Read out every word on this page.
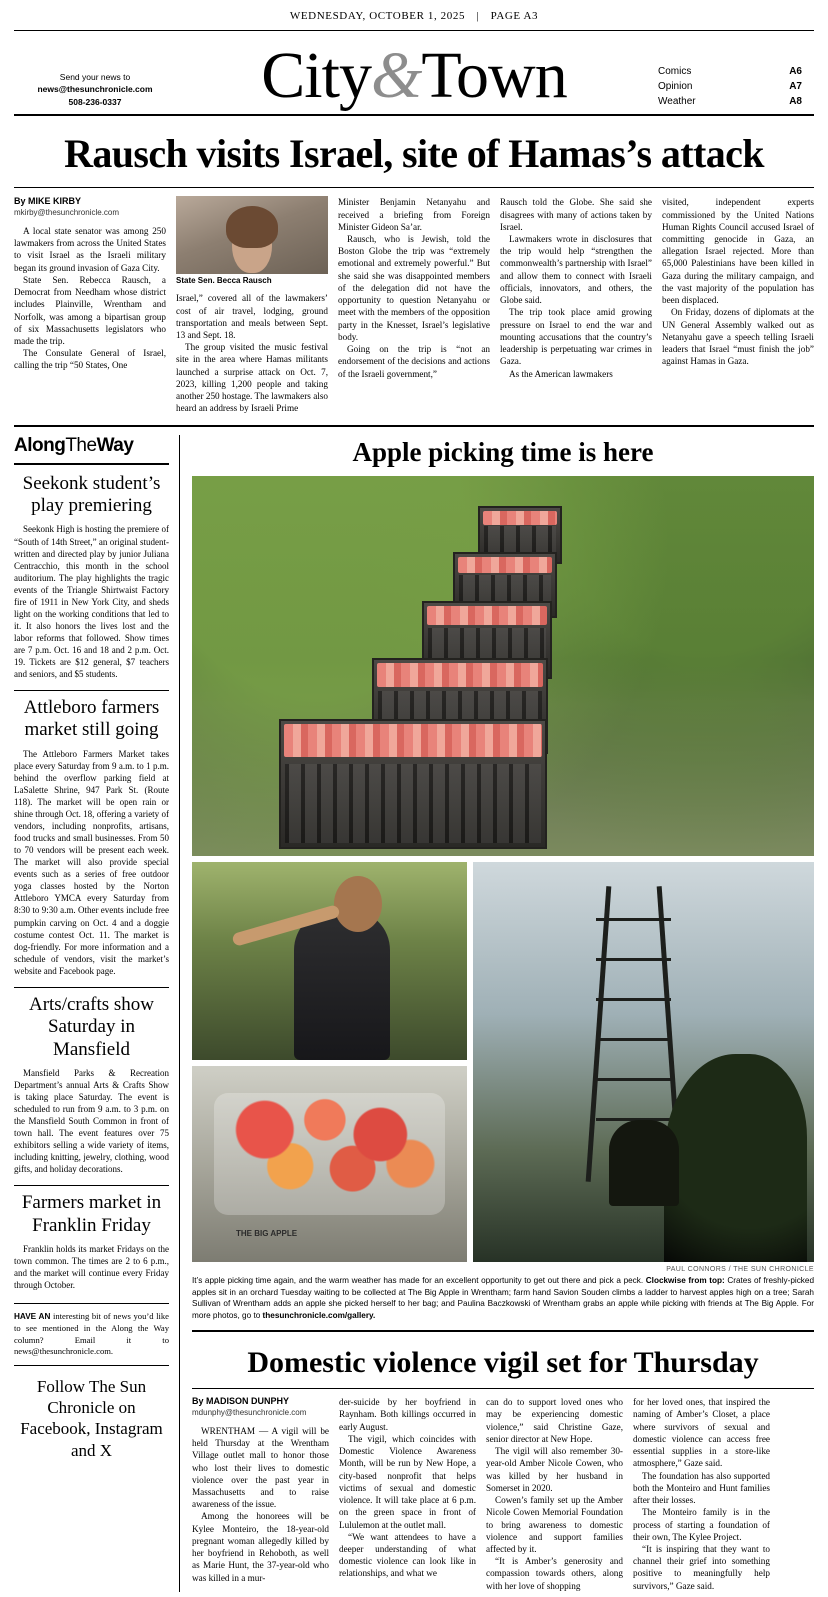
WEDNESDAY, OCTOBER 1, 2025 | PAGE A3
Send your news to
news@thesunchronicle.com
508-236-0337	City&Town	Comics	A6
Opinion	A7
Weather	A8
Rausch visits Israel, site of Hamas’s attack
By MIKE KIRBY
mkirby@thesunchronicle.com

A local state senator was among 250 lawmakers from across the United States to visit Israel as the Israeli military began its ground invasion of Gaza City.

State Sen. Rebecca Rausch, a Democrat from Needham whose district includes Plainville, Wrentham and Norfolk, was among a bipartisan group of six Massachusetts legislators who made the trip.

The Consulate General of Israel, calling the trip “50 States, One

State Sen. Becca Rausch

Israel,” covered all of the lawmakers’ cost of air travel, lodging, ground transportation and meals between Sept. 13 and Sept. 18.

The group visited the music festival site in the area where Hamas militants launched a surprise attack on Oct. 7, 2023, killing 1,200 people and taking another 250 hostage. The lawmakers also heard an address by Israeli Prime

Minister Benjamin Netanyahu and received a briefing from Foreign Minister Gideon Sa’ar.

Rausch, who is Jewish, told the Boston Globe the trip was “extremely emotional and extremely powerful.” But she said she was disappointed members of the delegation did not have the opportunity to question Netanyahu or meet with the members of the opposition party in the Knesset, Israel’s legislative body.

Going on the trip is “not an endorsement of the decisions and actions of the Israeli government,”

Rausch told the Globe. She said she disagrees with many of actions taken by Israel.

Lawmakers wrote in disclosures that the trip would help “strengthen the commonwealth’s partnership with Israel” and allow them to connect with Israeli officials, innovators, and others, the Globe said.

The trip took place amid growing pressure on Israel to end the war and mounting accusations that the country’s leadership is perpetuating war crimes in Gaza.

As the American lawmakers

visited, independent experts commissioned by the United Nations Human Rights Council accused Israel of committing genocide in Gaza, an allegation Israel rejected. More than 65,000 Palestinians have been killed in Gaza during the military campaign, and the vast majority of the population has been displaced.

On Friday, dozens of diplomats at the UN General Assembly walked out as Netanyahu gave a speech telling Israeli leaders that Israel “must finish the job” against Hamas in Gaza.

AlongTheWay
Seekonk student’s play premiering

Seekonk High is hosting the premiere of “South of 14th Street,” an original student-written and directed play by junior Juliana Centracchio, this month in the school auditorium. The play highlights the tragic events of the Triangle Shirtwaist Factory fire of 1911 in New York City, and sheds light on the working conditions that led to it. It also honors the lives lost and the labor reforms that followed. Show times are 7 p.m. Oct. 16 and 18 and 2 p.m. Oct. 19. Tickets are $12 general, $7 teachers and seniors, and $5 students.

Attleboro farmers market still going

The Attleboro Farmers Market takes place every Saturday from 9 a.m. to 1 p.m. behind the overflow parking field at LaSalette Shrine, 947 Park St. (Route 118). The market will be open rain or shine through Oct. 18, offering a variety of vendors, including nonprofits, artisans, food trucks and small businesses. From 50 to 70 vendors will be present each week. The market will also provide special events such as a series of free outdoor yoga classes hosted by the Norton Attleboro YMCA every Saturday from 8:30 to 9:30 a.m. Other events include free pumpkin carving on Oct. 4 and a doggie costume contest Oct. 11. The market is dog-friendly. For more information and a schedule of vendors, visit the market’s website and Facebook page.

Arts/crafts show Saturday in Mansfield

Mansfield Parks & Recreation Department’s annual Arts & Crafts Show is taking place Saturday. The event is scheduled to run from 9 a.m. to 3 p.m. on the Mansfield South Common in front of town hall. The event features over 75 exhibitors selling a wide variety of items, including knitting, jewelry, clothing, wood gifts, and holiday decorations.

Farmers market in Franklin Friday

Franklin holds its market Fridays on the town common. The times are 2 to 6 p.m., and the market will continue every Friday through October.

HAVE AN interesting bit of news you’d like to see mentioned in the Along the Way column? Email it to news@thesunchronicle.com.
Follow The Sun Chronicle on Facebook, Instagram and X
Apple picking time is here
THE BIG APPLE
PAUL CONNORS / THE SUN CHRONICLE
It’s apple picking time again, and the warm weather has made for an excellent opportunity to get out there and pick a peck. Clockwise from top: Crates of freshly-picked apples sit in an orchard Tuesday waiting to be collected at The Big Apple in Wrentham; farm hand Savion Souden climbs a ladder to harvest apples high on a tree; Sarah Sullivan of Wrentham adds an apple she picked herself to her bag; and Paulina Baczkowski of Wrentham grabs an apple while picking with friends at The Big Apple. For more photos, go to thesunchronicle.com/gallery.
Domestic violence vigil set for Thursday
By MADISON DUNPHY
mdunphy@thesunchronicle.com

WRENTHAM — A vigil will be held Thursday at the Wrentham Village outlet mall to honor those who lost their lives to domestic violence over the past year in Massachusetts and to raise awareness of the issue.

Among the honorees will be Kylee Monteiro, the 18-year-old pregnant woman allegedly killed by her boyfriend in Rehoboth, as well as Marie Hunt, the 37-year-old who was killed in a mur-

der-suicide by her boyfriend in Raynham. Both killings occurred in early August.

The vigil, which coincides with Domestic Violence Awareness Month, will be run by New Hope, a city-based nonprofit that helps victims of sexual and domestic violence. It will take place at 6 p.m. on the green space in front of Lululemon at the outlet mall.

“We want attendees to have a deeper understanding of what domestic violence can look like in relationships, and what we

can do to support loved ones who may be experiencing domestic violence,” said Christine Gaze, senior director at New Hope.

The vigil will also remember 30-year-old Amber Nicole Cowen, who was killed by her husband in Somerset in 2020.

Cowen’s family set up the Amber Nicole Cowen Memorial Foundation to bring awareness to domestic violence and support families affected by it.

“It is Amber’s generosity and compassion towards others, along with her love of shopping

for her loved ones, that inspired the naming of Amber’s Closet, a place where survivors of sexual and domestic violence can access free essential supplies in a store-like atmosphere,” Gaze said.

The foundation has also supported both the Monteiro and Hunt families after their losses.

The Monteiro family is in the process of starting a foundation of their own, The Kylee Project.

“It is inspiring that they want to channel their grief into something positive to meaningfully help survivors,” Gaze said.
